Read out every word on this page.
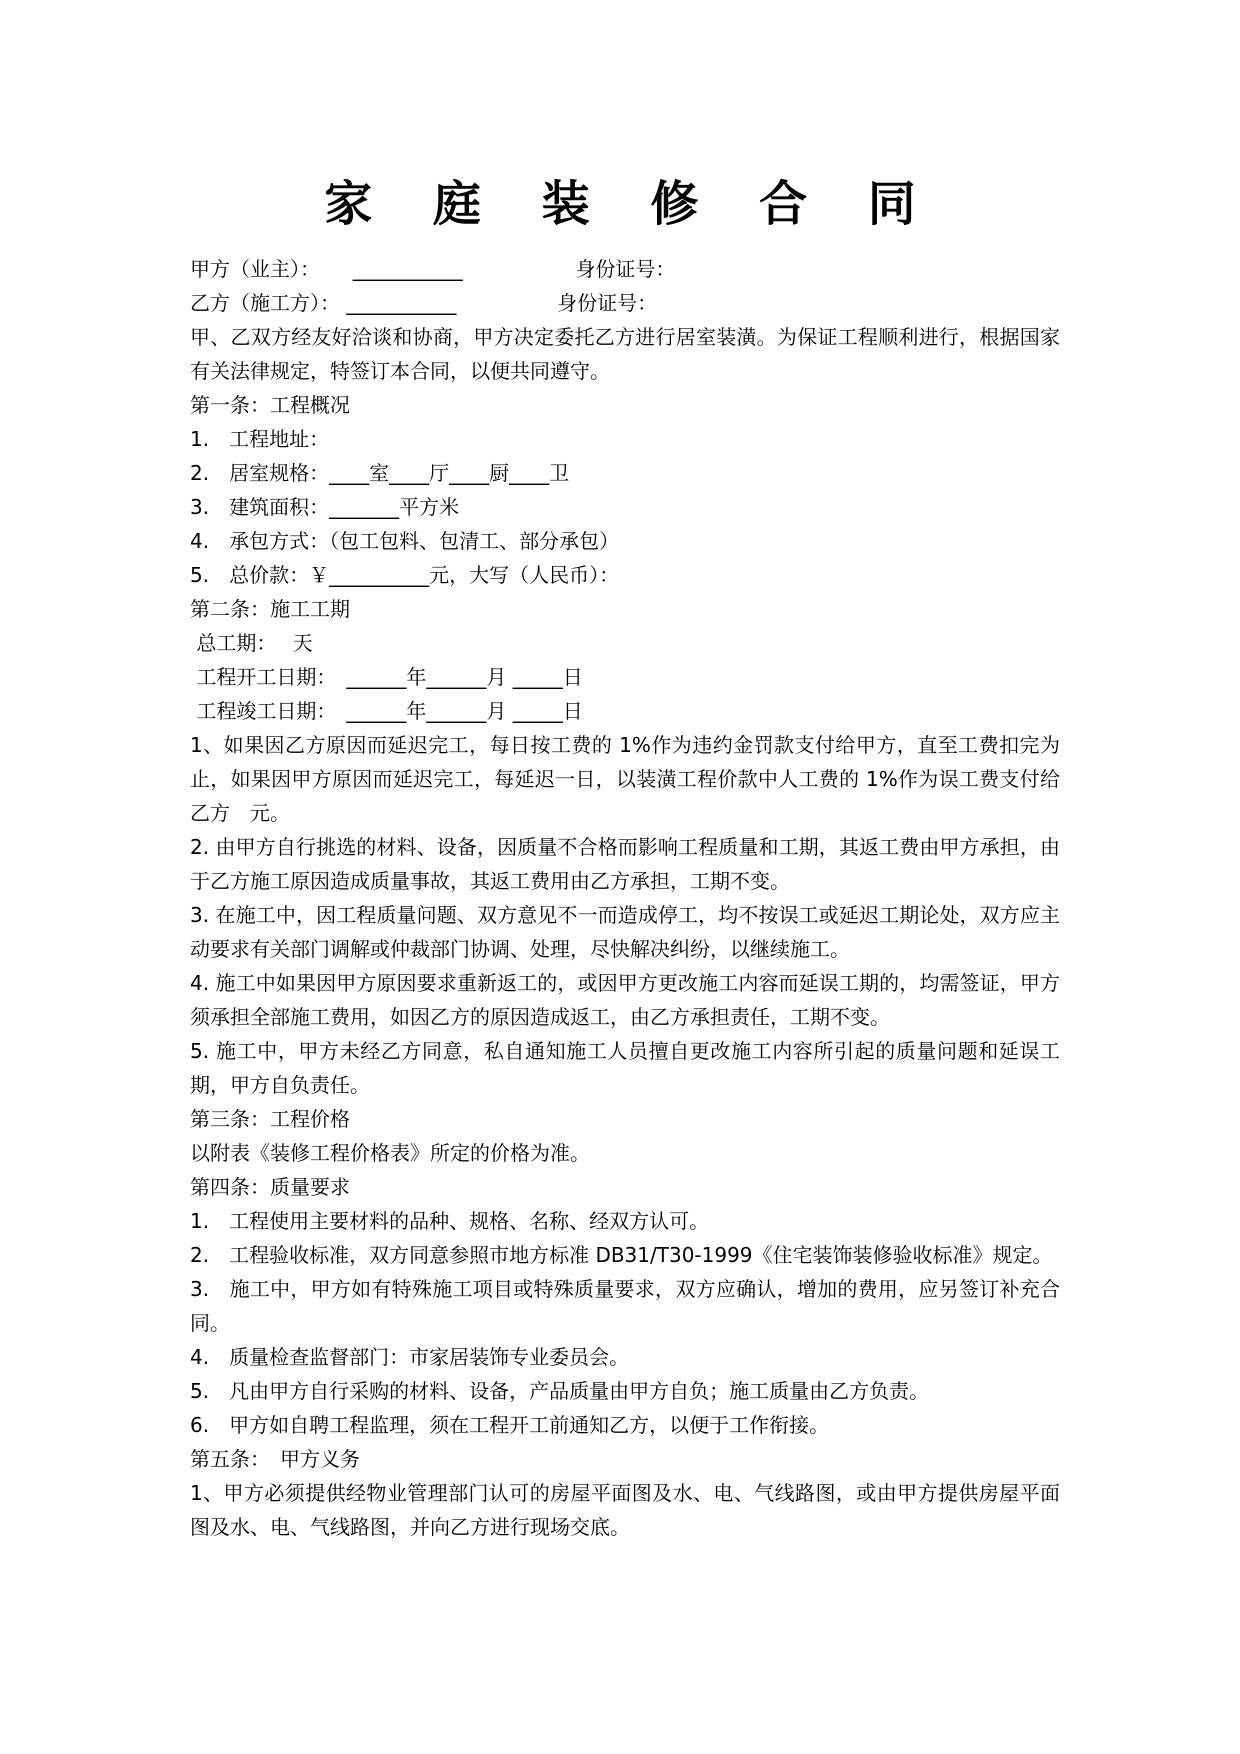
家 庭 装 修 合 同
甲方（业主）： ___________	身份证号：
乙方（施工方）： ___________	身份证号：
甲、乙双方经友好洽谈和协商，甲方决定委托乙方进行居室装潢。为保证工程顺利进行，根据国家有关法律规定，特签订本合同，以便共同遵守。
第一条：工程概况
1.　工程地址：
2.　居室规格：____室____厅____厨____卫
3.　建筑面积：_______平方米
4.　承包方式：（包工包料、包清工、部分承包）
5.　总价款：￥__________元，大写（人民币）：
第二条：施工工期
总工期：　 天
工程开工日期：　______年______月 _____日
工程竣工日期：　______年______月 _____日
1、如果因乙方原因而延迟完工，每日按工费的 1%作为违约金罚款支付给甲方，直至工费扣完为止，如果因甲方原因而延迟完工，每延迟一日，以装潢工程价款中人工费的 1%作为误工费支付给乙方　元。
2. 由甲方自行挑选的材料、设备，因质量不合格而影响工程质量和工期，其返工费由甲方承担，由于乙方施工原因造成质量事故，其返工费用由乙方承担，工期不变。
3. 在施工中，因工程质量问题、双方意见不一而造成停工，均不按误工或延迟工期论处，双方应主动要求有关部门调解或仲裁部门协调、处理，尽快解决纠纷，以继续施工。
4. 施工中如果因甲方原因要求重新返工的，或因甲方更改施工内容而延误工期的，均需签证，甲方须承担全部施工费用，如因乙方的原因造成返工，由乙方承担责任，工期不变。
5. 施工中，甲方未经乙方同意，私自通知施工人员擅自更改施工内容所引起的质量问题和延误工期，甲方自负责任。
第三条：工程价格
以附表《装修工程价格表》所定的价格为准。
第四条：质量要求
1.　工程使用主要材料的品种、规格、名称、经双方认可。
2.　工程验收标准，双方同意参照市地方标准 DB31/T30-1999《住宅装饰装修验收标准》规定。
3.　施工中，甲方如有特殊施工项目或特殊质量要求，双方应确认，增加的费用，应另签订补充合同。
4.　质量检查监督部门：市家居装饰专业委员会。
5.　凡由甲方自行采购的材料、设备，产品质量由甲方自负；施工质量由乙方负责。
6.　甲方如自聘工程监理，须在工程开工前通知乙方，以便于工作衔接。
第五条：　甲方义务
1、甲方必须提供经物业管理部门认可的房屋平面图及水、电、气线路图，或由甲方提供房屋平面图及水、电、气线路图，并向乙方进行现场交底。
